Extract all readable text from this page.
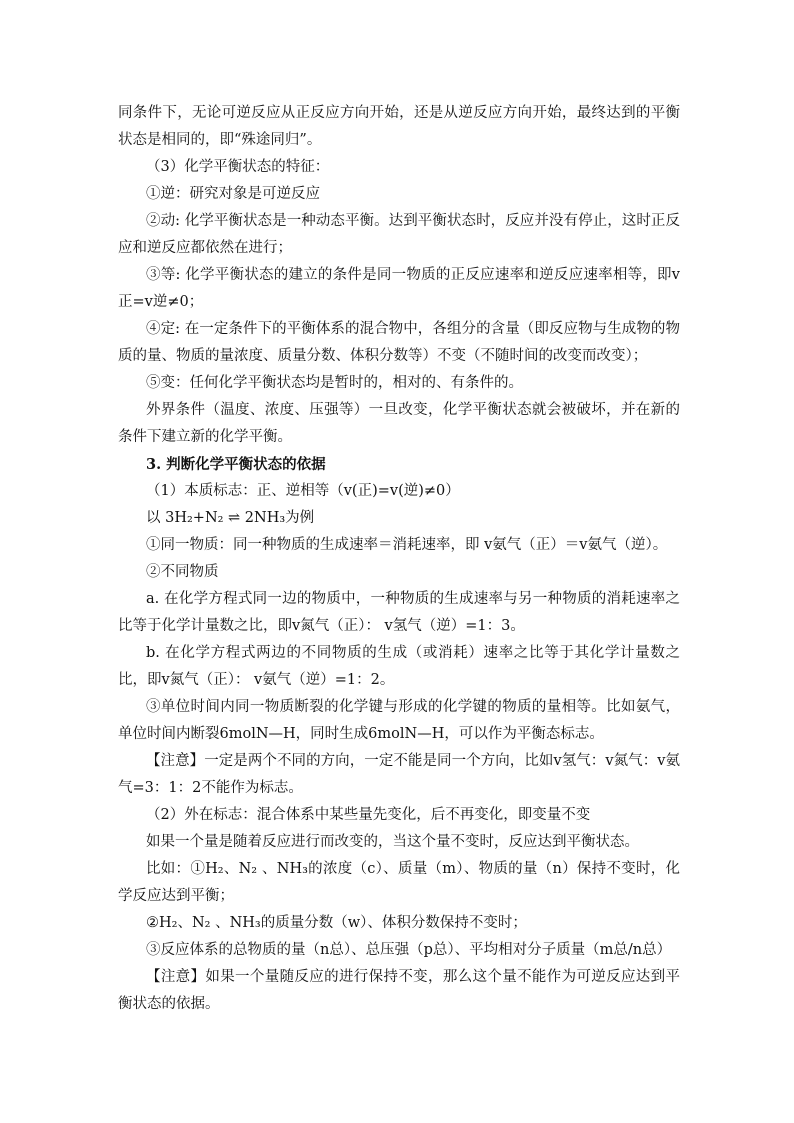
同条件下，无论可逆反应从正反应方向开始，还是从逆反应方向开始，最终达到的平衡状态是相同的，即“殊途同归”。

（3）化学平衡状态的特征：

①逆：研究对象是可逆反应

②动: 化学平衡状态是一种动态平衡。达到平衡状态时，反应并没有停止，这时正反应和逆反应都依然在进行；

③等: 化学平衡状态的建立的条件是同一物质的正反应速率和逆反应速率相等，即v正=v逆≠0；

④定: 在一定条件下的平衡体系的混合物中，各组分的含量（即反应物与生成物的物质的量、物质的量浓度、质量分数、体积分数等）不变（不随时间的改变而改变）；

⑤变：任何化学平衡状态均是暂时的，相对的、有条件的。

外界条件（温度、浓度、压强等）一旦改变，化学平衡状态就会被破坏，并在新的条件下建立新的化学平衡。

3. 判断化学平衡状态的依据

（1）本质标志：正、逆相等（v(正)=v(逆)≠0）

以 3H₂+N₂ ⇌ 2NH₃为例

①同一物质：同一种物质的生成速率＝消耗速率，即 v氨气（正）＝v氨气（逆）。

②不同物质

a. 在化学方程式同一边的物质中，一种物质的生成速率与另一种物质的消耗速率之比等于化学计量数之比，即v氮气（正）： v氢气（逆）=1：3。

b. 在化学方程式两边的不同物质的生成（或消耗）速率之比等于其化学计量数之比，即v氮气（正）： v氨气（逆）=1：2。

③单位时间内同一物质断裂的化学键与形成的化学键的物质的量相等。比如氨气，单位时间内断裂6molN—H，同时生成6molN—H，可以作为平衡态标志。

【注意】一定是两个不同的方向，一定不能是同一个方向，比如v氢气：v氮气：v氨气=3：1：2不能作为标志。

（2）外在标志：混合体系中某些量先变化，后不再变化，即变量不变

如果一个量是随着反应进行而改变的，当这个量不变时，反应达到平衡状态。

比如：①H₂、N₂ 、NH₃的浓度（c）、质量（m）、物质的量（n）保持不变时，化学反应达到平衡；

②H₂、N₂ 、NH₃的质量分数（w）、体积分数保持不变时；

③反应体系的总物质的量（n总）、总压强（p总）、平均相对分子质量（m总/n总）

【注意】如果一个量随反应的进行保持不变，那么这个量不能作为可逆反应达到平衡状态的依据。
